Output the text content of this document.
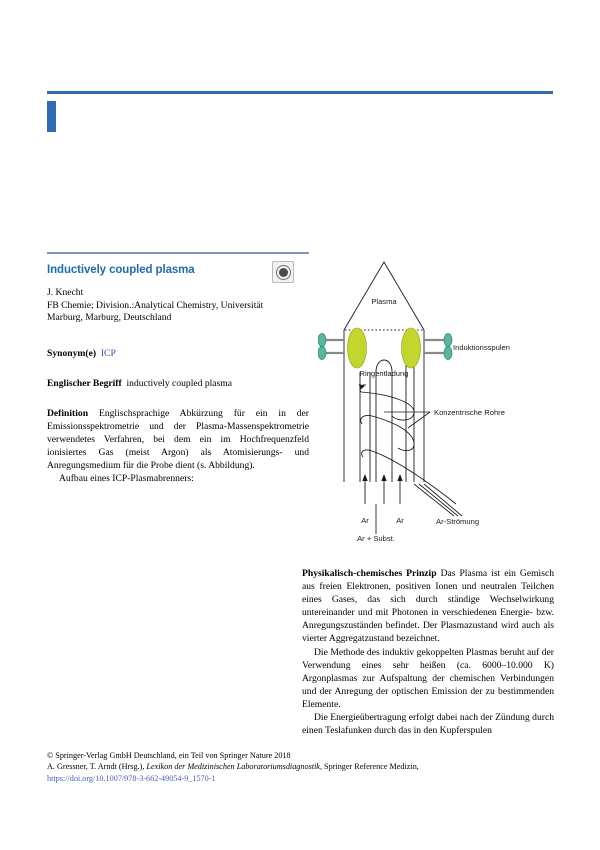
Inductively coupled plasma

J. Knecht
FB Chemie; Division.:Analytical Chemistry, Universität
Marburg, Marburg, Deutschland

Synonym(e) ICP

Englischer Begriff inductively coupled plasma

Definition Englischsprachige Abkürzung für ein in der Emissionsspektrometrie und der Plasma-Massenspektrometrie verwendetes Verfahren, bei dem ein im Hochfrequenzfeld ionisiertes Gas (meist Argon) als Atomisierungs- und Anregungsmedium für die Probe dient (s. Abbildung).

Aufbau eines ICP-Plasmabrenners:

Plasma
Induktionsspulen
Ringentladung
Konzentrische Rohre
Ar	Ar
Ar + Subst.
Ar-Strömung

Physikalisch-chemisches Prinzip Das Plasma ist ein Gemisch aus freien Elektronen, positiven Ionen und neutralen Teilchen eines Gases, das sich durch ständige Wechselwirkung untereinander und mit Photonen in verschiedenen Energie- bzw. Anregungszuständen befindet. Der Plasmazustand wird auch als vierter Aggregatzustand bezeichnet.

Die Methode des induktiv gekoppelten Plasmas beruht auf der Verwendung eines sehr heißen (ca. 6000–10.000 K) Argonplasmas zur Aufspaltung der chemischen Verbindungen und der Anregung der optischen Emission der zu bestimmenden Elemente.

Die Energieübertragung erfolgt dabei nach der Zündung durch einen Teslafunken durch das in den Kupferspulen

© Springer-Verlag GmbH Deutschland, ein Teil von Springer Nature 2018
A. Gressner, T. Arndt (Hrsg.), Lexikon der Medizinischen Laboratoriumsdiagnostik, Springer Reference Medizin,
https://doi.org/10.1007/978-3-662-49054-9_1570-1
